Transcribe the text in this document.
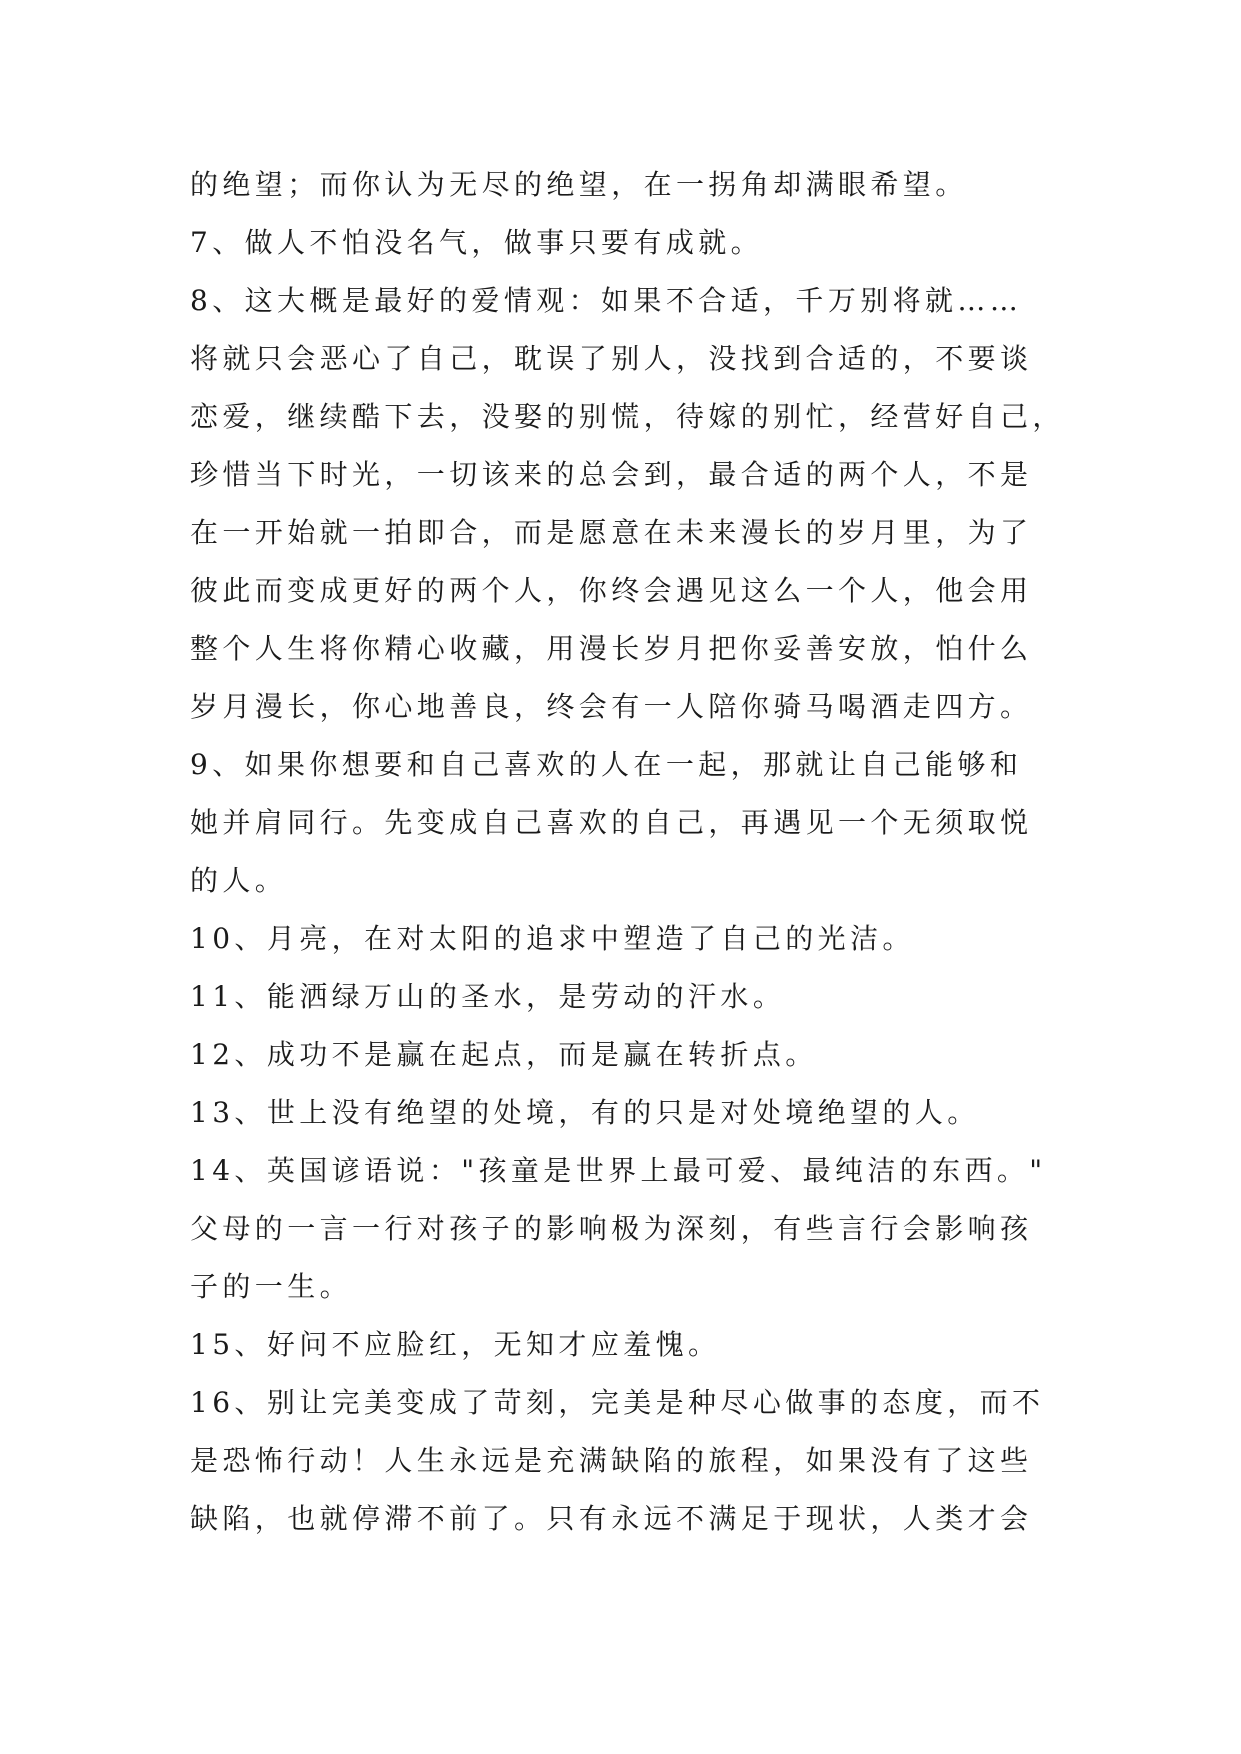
的绝望；而你认为无尽的绝望，在一拐角却满眼希望。
7、做人不怕没名气，做事只要有成就。
8、这大概是最好的爱情观：如果不合适，千万别将就……
将就只会恶心了自己，耽误了别人，没找到合适的，不要谈
恋爱，继续酷下去，没娶的别慌，待嫁的别忙，经营好自己，
珍惜当下时光，一切该来的总会到，最合适的两个人，不是
在一开始就一拍即合，而是愿意在未来漫长的岁月里，为了
彼此而变成更好的两个人，你终会遇见这么一个人，他会用
整个人生将你精心收藏，用漫长岁月把你妥善安放，怕什么
岁月漫长，你心地善良，终会有一人陪你骑马喝酒走四方。
9、如果你想要和自己喜欢的人在一起，那就让自己能够和
她并肩同行。先变成自己喜欢的自己，再遇见一个无须取悦
的人。
10、月亮，在对太阳的追求中塑造了自己的光洁。
11、能洒绿万山的圣水，是劳动的汗水。
12、成功不是赢在起点，而是赢在转折点。
13、世上没有绝望的处境，有的只是对处境绝望的人。
14、英国谚语说："孩童是世界上最可爱、最纯洁的东西。"
父母的一言一行对孩子的影响极为深刻，有些言行会影响孩
子的一生。
15、好问不应脸红，无知才应羞愧。
16、别让完美变成了苛刻，完美是种尽心做事的态度，而不
是恐怖行动！人生永远是充满缺陷的旅程，如果没有了这些
缺陷，也就停滞不前了。只有永远不满足于现状，人类才会
